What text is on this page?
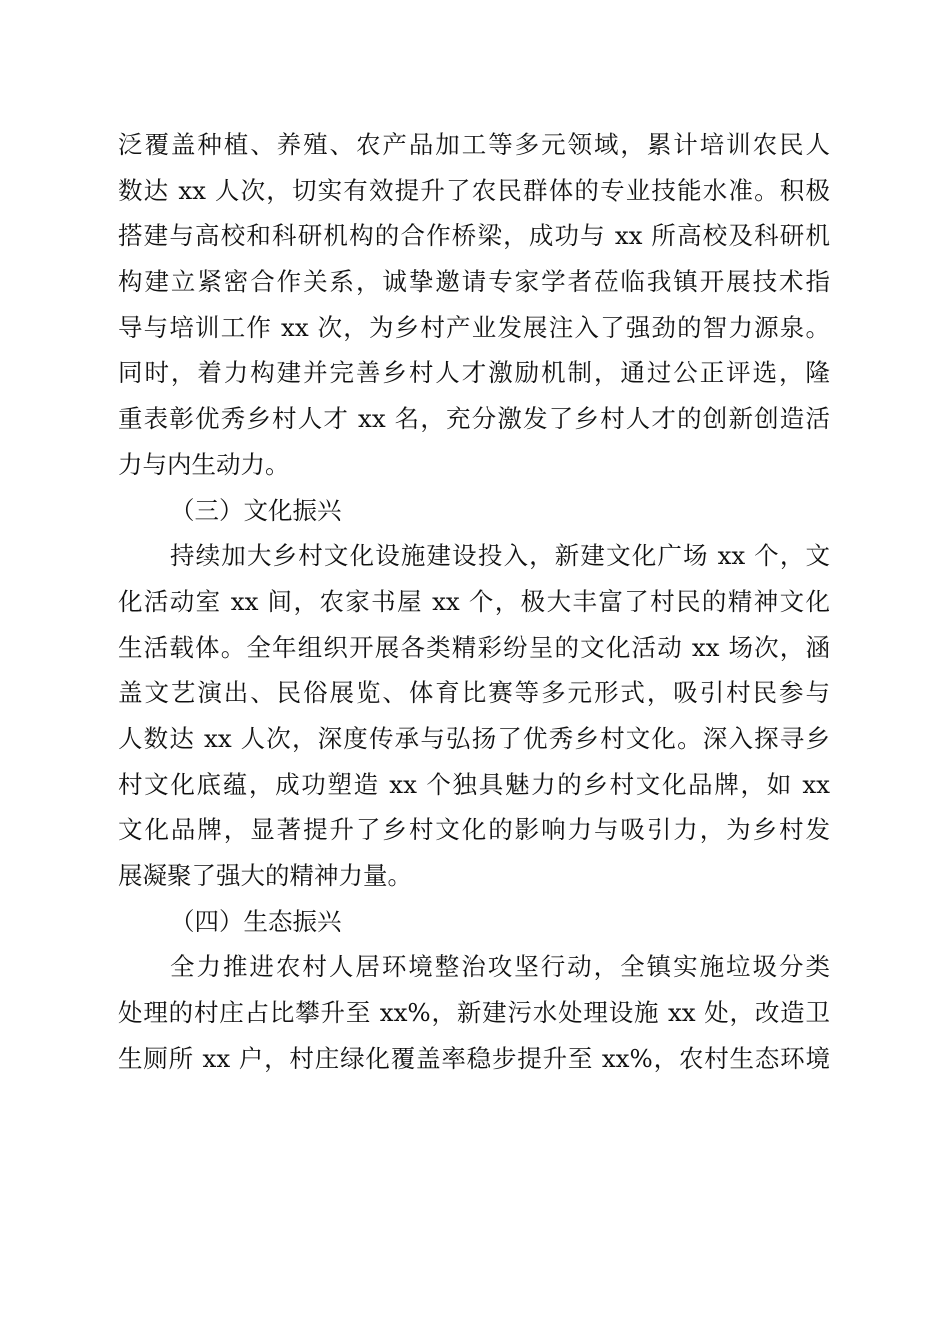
泛覆盖种植、养殖、农产品加工等多元领域，累计培训农民人
数达 xx 人次，切实有效提升了农民群体的专业技能水准。积极
搭建与高校和科研机构的合作桥梁，成功与 xx 所高校及科研机
构建立紧密合作关系，诚挚邀请专家学者莅临我镇开展技术指
导与培训工作 xx 次，为乡村产业发展注入了强劲的智力源泉。
同时，着力构建并完善乡村人才激励机制，通过公正评选，隆
重表彰优秀乡村人才 xx 名，充分激发了乡村人才的创新创造活
力与内生动力。
（三）文化振兴
持续加大乡村文化设施建设投入，新建文化广场 xx 个，文
化活动室 xx 间，农家书屋 xx 个，极大丰富了村民的精神文化
生活载体。全年组织开展各类精彩纷呈的文化活动 xx 场次，涵
盖文艺演出、民俗展览、体育比赛等多元形式，吸引村民参与
人数达 xx 人次，深度传承与弘扬了优秀乡村文化。深入探寻乡
村文化底蕴，成功塑造 xx 个独具魅力的乡村文化品牌，如 xx
文化品牌，显著提升了乡村文化的影响力与吸引力，为乡村发
展凝聚了强大的精神力量。
（四）生态振兴
全力推进农村人居环境整治攻坚行动，全镇实施垃圾分类
处理的村庄占比攀升至 xx%，新建污水处理设施 xx 处，改造卫
生厕所 xx 户，村庄绿化覆盖率稳步提升至 xx%，农村生态环境
